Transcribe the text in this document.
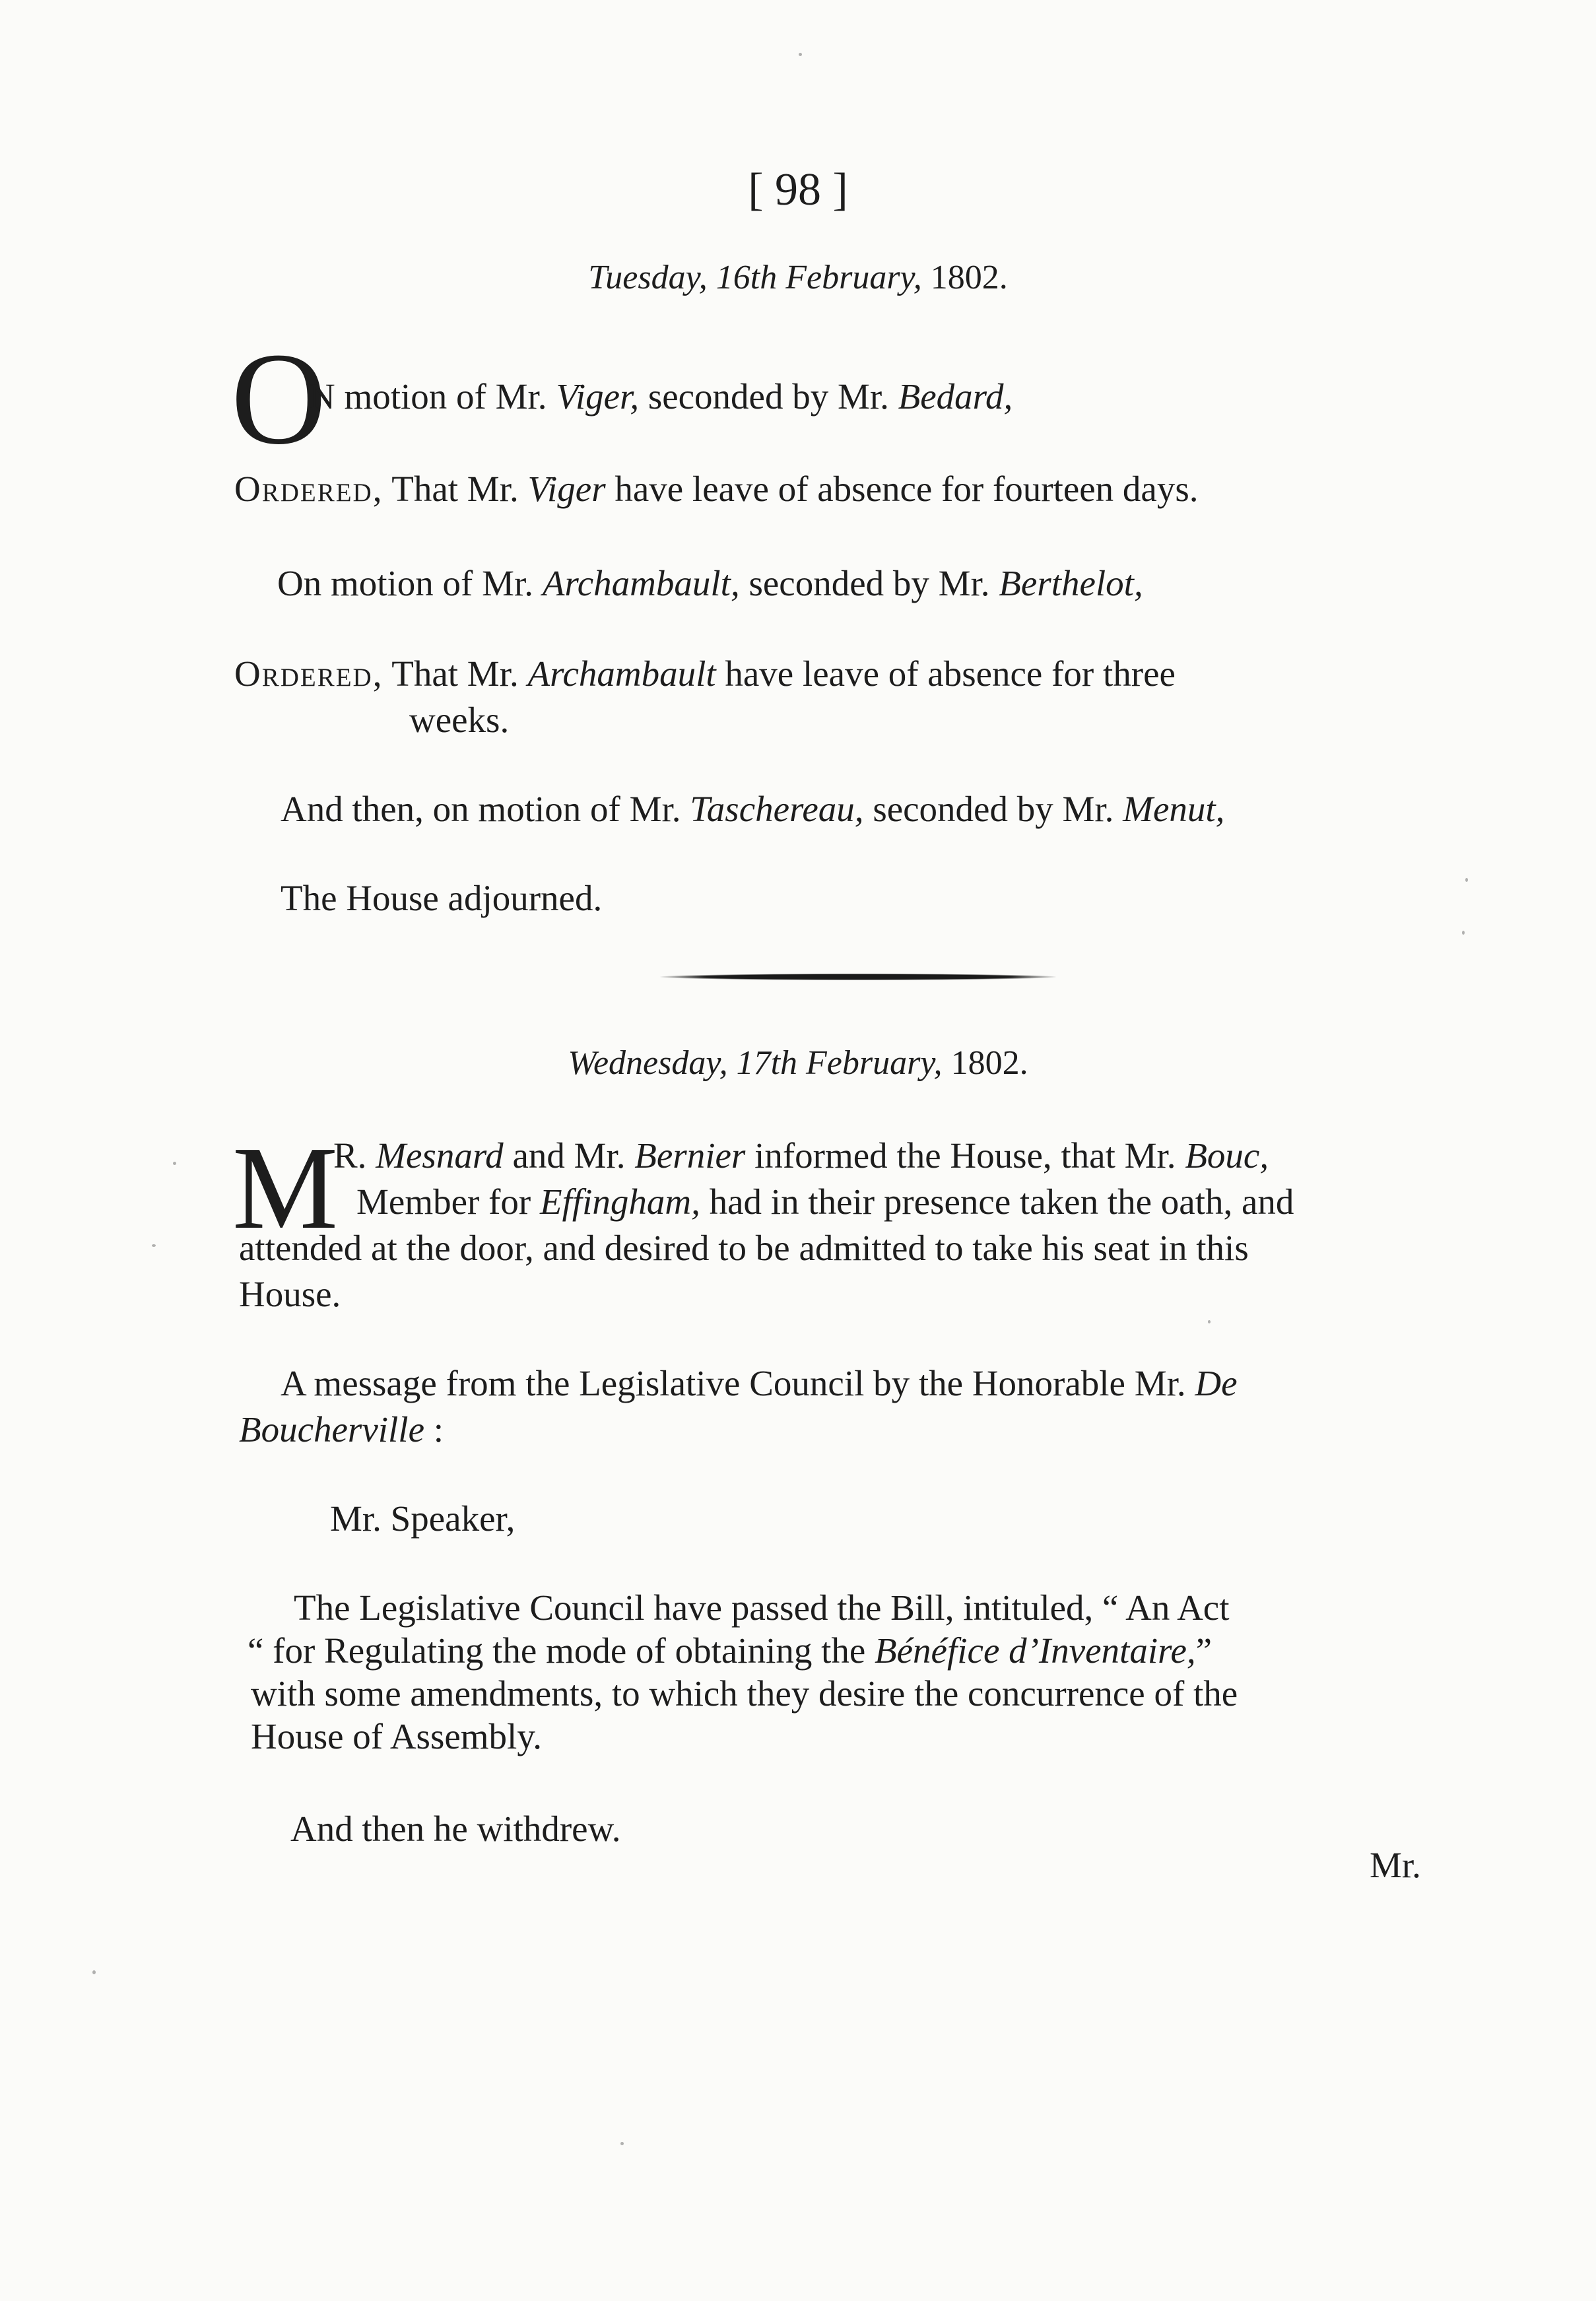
[ 98 ]
Tuesday, 16th February, 1802.
O
N motion of Mr. Viger, seconded by Mr. Bedard,
Ordered, That Mr. Viger have leave of absence for fourteen days.
On motion of Mr. Archambault, seconded by Mr. Berthelot,
Ordered, That Mr. Archambault have leave of absence for three
weeks.
And then, on motion of Mr. Taschereau, seconded by Mr. Menut,
The House adjourned.
Wednesday, 17th February, 1802.
M
R. Mesnard and Mr. Bernier informed the House, that Mr. Bouc,
Member for Effingham, had in their presence taken the oath, and
attended at the door, and desired to be admitted to take his seat in this
House.
A message from the Legislative Council by the Honorable Mr. De
Boucherville :
Mr. Speaker,
The Legislative Council have passed the Bill, intituled, “ An Act
“ for Regulating the mode of obtaining the Bénéfice d’Inventaire,”
with some amendments, to which they desire the concurrence of the
House of Assembly.
And then he withdrew.
Mr.
